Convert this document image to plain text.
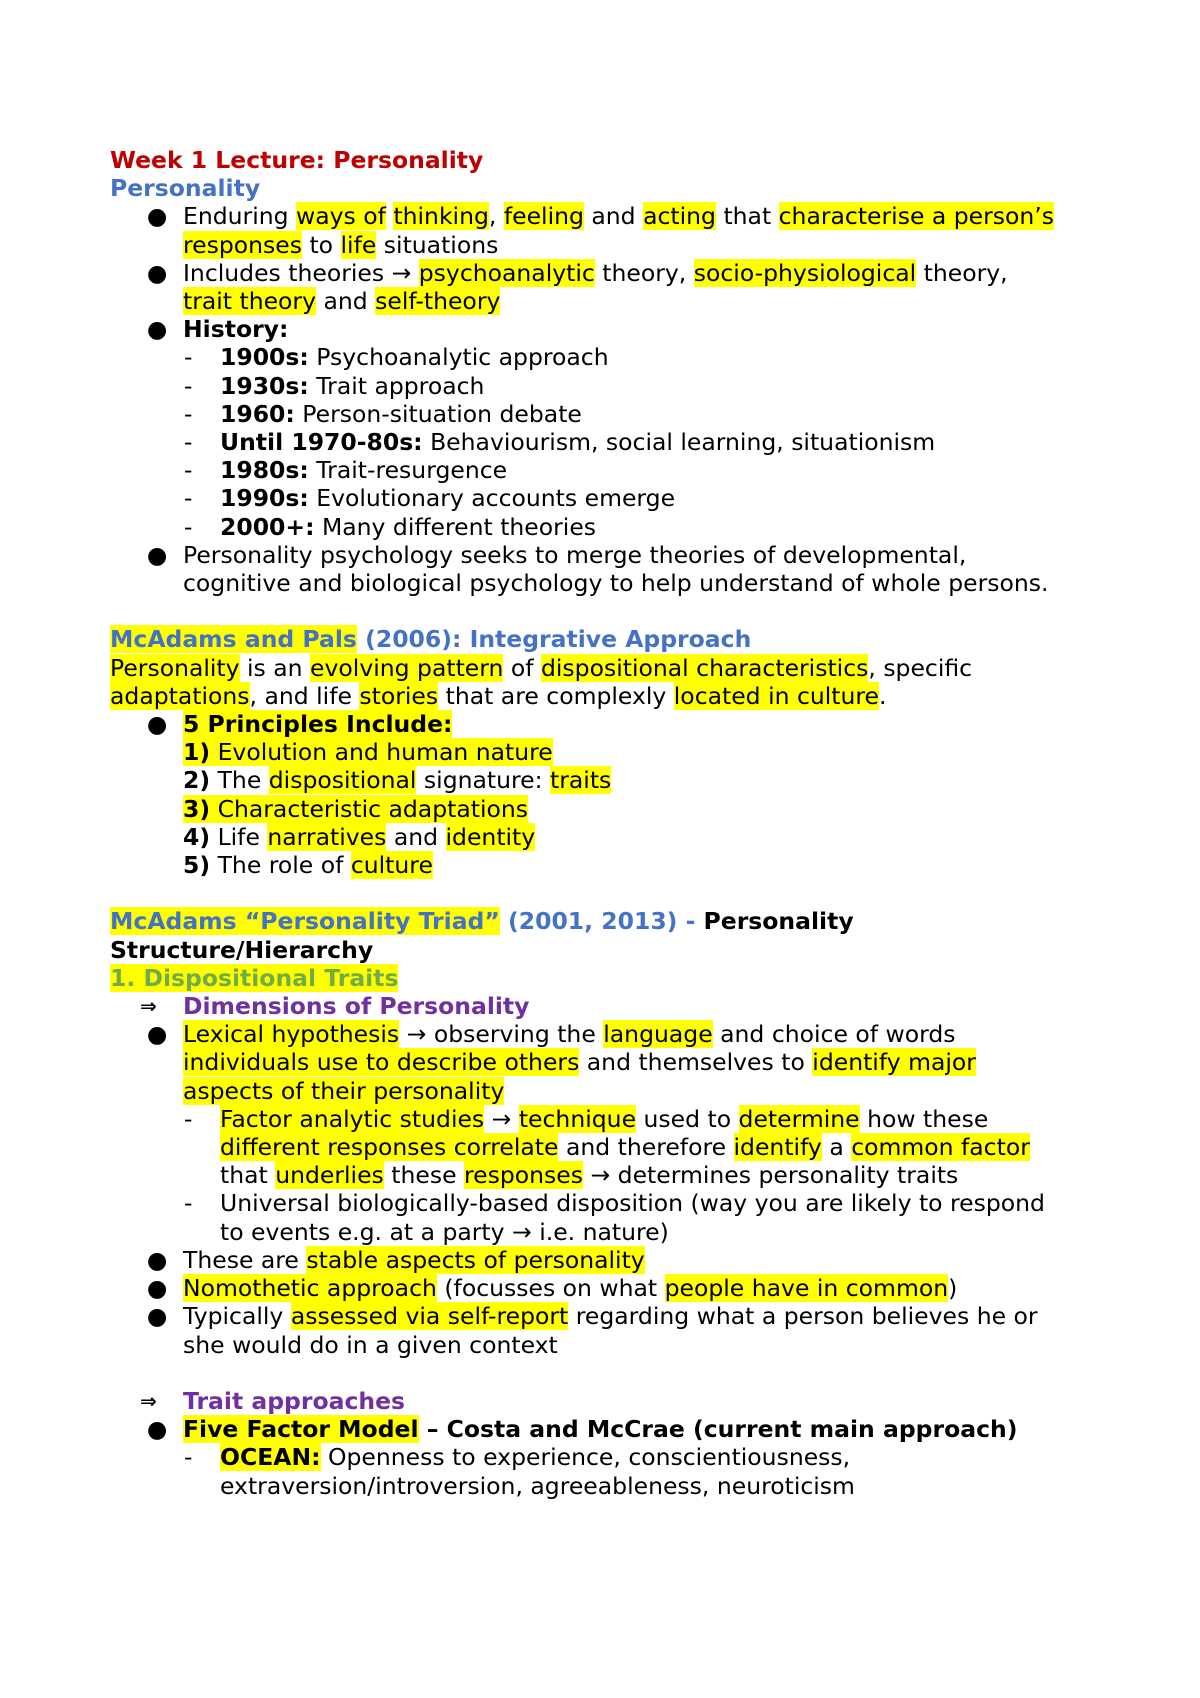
Week 1 Lecture: Personality
Personality
● Enduring ways of thinking, feeling and acting that characterise a person’s
responses to life situations
● Includes theories → psychoanalytic theory, socio-physiological theory,
trait theory and self-theory
● History:
- 1900s: Psychoanalytic approach
- 1930s: Trait approach
- 1960: Person-situation debate
- Until 1970-80s: Behaviourism, social learning, situationism
- 1980s: Trait-resurgence
- 1990s: Evolutionary accounts emerge
- 2000+: Many different theories
● Personality psychology seeks to merge theories of developmental,
cognitive and biological psychology to help understand of whole persons.
McAdams and Pals (2006): Integrative Approach
Personality is an evolving pattern of dispositional characteristics, specific
adaptations, and life stories that are complexly located in culture.
● 5 Principles Include:
1) Evolution and human nature
2) The dispositional signature: traits
3) Characteristic adaptations
4) Life narratives and identity
5) The role of culture
McAdams “Personality Triad” (2001, 2013) - Personality
Structure/Hierarchy
1. Dispositional Traits
⇒ Dimensions of Personality
● Lexical hypothesis → observing the language and choice of words
individuals use to describe others and themselves to identify major
aspects of their personality
- Factor analytic studies → technique used to determine how these
different responses correlate and therefore identify a common factor
that underlies these responses → determines personality traits
- Universal biologically-based disposition (way you are likely to respond
to events e.g. at a party → i.e. nature)
● These are stable aspects of personality
● Nomothetic approach (focusses on what people have in common)
● Typically assessed via self-report regarding what a person believes he or
she would do in a given context
⇒ Trait approaches
● Five Factor Model – Costa and McCrae (current main approach)
- OCEAN: Openness to experience, conscientiousness,
extraversion/introversion, agreeableness, neuroticism
